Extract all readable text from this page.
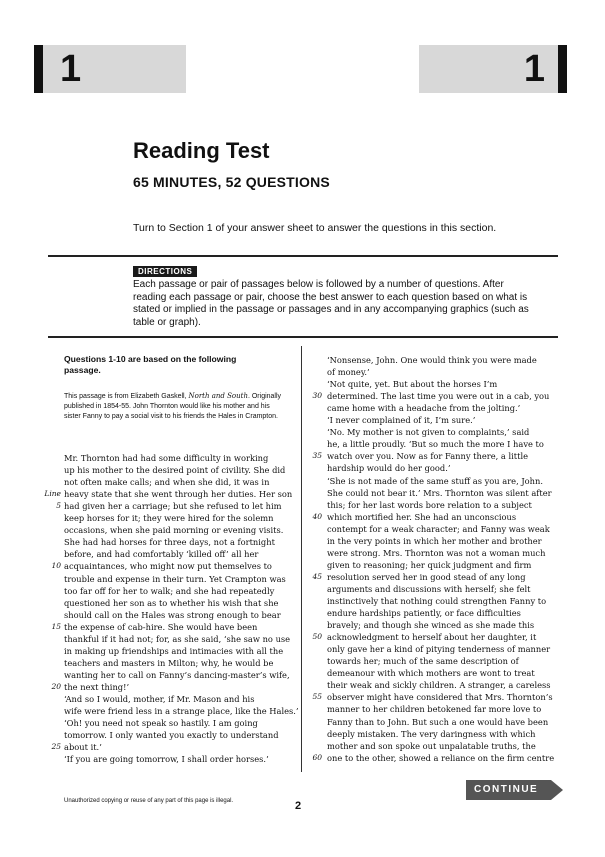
1	1
Reading Test
65 MINUTES, 52 QUESTIONS
Turn to Section 1 of your answer sheet to answer the questions in this section.
DIRECTIONS
Each passage or pair of passages below is followed by a number of questions. After reading each passage or pair, choose the best answer to each question based on what is stated or implied in the passage or passages and in any accompanying graphics (such as table or graph).
Questions 1-10 are based on the following passage.
This passage is from Elizabeth Gaskell, North and South. Originally published in 1854-55. John Thornton would like his mother and his sister Fanny to pay a social visit to his friends the Hales in Crampton.
Mr. Thornton had had some difficulty in working
up his mother to the desired point of civility. She did
not often make calls; and when she did, it was in
heavy state that she went through her duties. Her son
had given her a carriage; but she refused to let him
keep horses for it; they were hired for the solemn
occasions, when she paid morning or evening visits.
She had had horses for three days, not a fortnight
before, and had comfortably ‘killed off’ all her
acquaintances, who might now put themselves to
trouble and expense in their turn. Yet Crampton was
too far off for her to walk; and she had repeatedly
questioned her son as to whether his wish that she
should call on the Hales was strong enough to bear
the expense of cab-hire. She would have been
thankful if it had not; for, as she said, ‘she saw no use
in making up friendships and intimacies with all the
teachers and masters in Milton; why, he would be
wanting her to call on Fanny’s dancing-master’s wife,
the next thing!’
‘And so I would, mother, if Mr. Mason and his
wife were friend less in a strange place, like the Hales.’
‘Oh! you need not speak so hastily. I am going
tomorrow. I only wanted you exactly to understand
about it.’
‘If you are going tomorrow, I shall order horses.’
Line
5
10
15
20
25
‘Nonsense, John. One would think you were made
of money.’
‘Not quite, yet. But about the horses I’m
determined. The last time you were out in a cab, you
came home with a headache from the jolting.’
‘I never complained of it, I’m sure.’
‘No. My mother is not given to complaints,’ said
he, a little proudly. ‘But so much the more I have to
watch over you. Now as for Fanny there, a little
hardship would do her good.’
‘She is not made of the same stuff as you are, John.
She could not bear it.’ Mrs. Thornton was silent after
this; for her last words bore relation to a subject
which mortified her. She had an unconscious
contempt for a weak character; and Fanny was weak
in the very points in which her mother and brother
were strong. Mrs. Thornton was not a woman much
given to reasoning; her quick judgment and firm
resolution served her in good stead of any long
arguments and discussions with herself; she felt
instinctively that nothing could strengthen Fanny to
endure hardships patiently, or face difficulties
bravely; and though she winced as she made this
acknowledgment to herself about her daughter, it
only gave her a kind of pitying tenderness of manner
towards her; much of the same description of
demeanour with which mothers are wont to treat
their weak and sickly children. A stranger, a careless
observer might have considered that Mrs. Thornton’s
manner to her children betokened far more love to
Fanny than to John. But such a one would have been
deeply mistaken. The very daringness with which
mother and son spoke out unpalatable truths, the
one to the other, showed a reliance on the firm centre
30
35
40
45
50
55
60
Unauthorized copying or reuse of any part of this page is illegal.	2
CONTINUE
